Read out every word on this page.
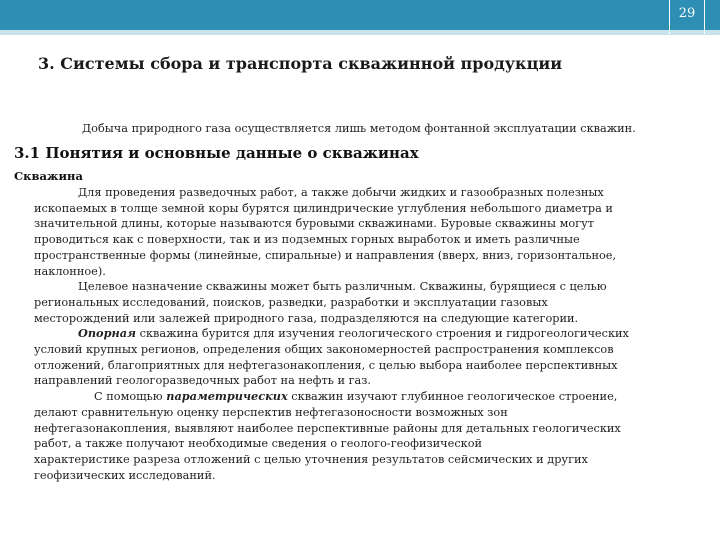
29
3. Системы сбора и транспорта скважинной продукции
Добыча природного газа осуществляется лишь методом фонтанной эксплуатации скважин.
3.1 Понятия и основные данные о скважинах
Скважина
Для проведения разведочных работ, а также добычи жидких и газообразных полезных
ископаемых в толще земной коры бурятся цилиндрические углубления небольшого диаметра и
значительной длины, которые называются буровыми скважинами. Буровые скважины могут
проводиться как с поверхности, так и из подземных горных выработок и иметь различные
пространственные формы (линейные, спиральные) и направления (вверх, вниз, горизонтальное,
наклонное).
Целевое назначение скважины может быть различным. Скважины, бурящиеся с целью
региональных исследований, поисков, разведки, разработки и эксплуатации газовых
месторождений или залежей природного газа, подразделяются на следующие категории.
Опорная скважина бурится для изучения геологического строения и гидрогеологических
условий крупных регионов, определения общих закономерностей распространения комплексов
отложений, благоприятных для нефтегазонакопления, с целью выбора наиболее перспективных
направлений геологоразведочных работ на нефть и газ.
С помощью параметрических скважин изучают глубинное геологическое строение,
делают сравнительную оценку перспектив нефтегазоносности возможных зон
нефтегазонакопления, выявляют наиболее перспективные районы для детальных геологических
работ, а также получают необходимые сведения о геолого-геофизической
характеристике разреза отложений с целью уточнения результатов сейсмических и других
геофизических исследований.
